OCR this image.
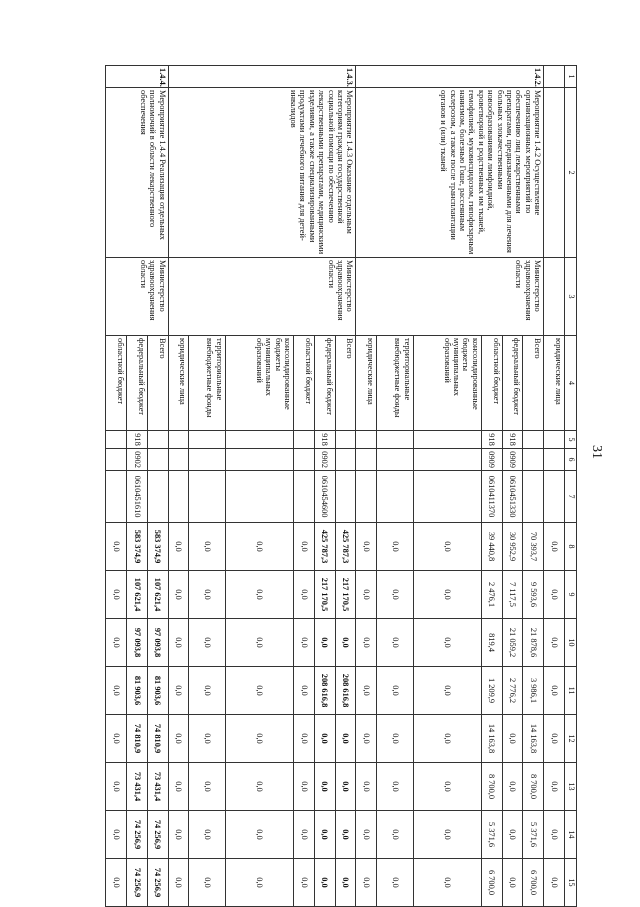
31
1	2	3	4	5	6	7	8	9	10	11	12	13	14	15
			юридические лица				0,0	0,0	0,0	0,0	0,0	0,0	0,0	0,0
1.4.2.	Мероприятие 1.4.2 Осуществление организационных мероприятий по обеспечению лиц лекарственными препаратами, предназначенными для лечения больных злокачественными новообразованиями лимфоидной, кроветворной и родственных им тканей, гемофилией, муковисцидозом, гипофизарным нанизмом, болезнью Гоше, рассеянным склерозом, а также после трансплантации органов и (или) тканей	Министерство здравоохранения области	Всего				70 393,7	9 593,6	21 878,6	3 986,1	14 163,8	8 700,0	5 371,6	6 700,0
			федеральный бюджет	918	0909	0610451330	30 952,9	7 117,5	21 059,2	2 776,2	0,0	0,0	0,0	0,0
			областной бюджет	918	0909	0610411370	39 440,8	2 476,1	819,4	1 209,9	14 163,8	8 700,0	5 371,6	6 700,0
			консолидированные бюджеты муниципальных образований				0,0	0,0	0,0	0,0	0,0	0,0	0,0	0,0
			территориальные внебюджетные фонды				0,0	0,0	0,0	0,0	0,0	0,0	0,0	0,0
			юридические лица				0,0	0,0	0,0	0,0	0,0	0,0	0,0	0,0
1.4.3.	Мероприятие 1.4.3 Оказание отдельным категориям граждан государственной социальной помощи по обеспечению лекарственными препаратами, медицинскими изделиями, а также специализированными продуктами лечебного питания для детей-инвалидов	Министерство здравоохранения области	Всего				425 787,3	217 170,5	0,0	208 616,8	0,0	0,0	0,0	0,0
			федеральный бюджет	918	0902	0610454600	425 787,3	217 170,5	0,0	208 616,8	0,0	0,0	0,0	0,0
			областной бюджет				0,0	0,0	0,0	0,0	0,0	0,0	0,0	0,0
			консолидированные бюджеты муниципальных образований				0,0	0,0	0,0	0,0	0,0	0,0	0,0	0,0
			территориальные внебюджетные фонды				0,0	0,0	0,0	0,0	0,0	0,0	0,0	0,0
			юридические лица				0,0	0,0	0,0	0,0	0,0	0,0	0,0	0,0
1.4.4.	Мероприятие 1.4.4 Реализация отдельных полномочий в области лекарственного обеспечения	Министерство здравоохранения области	Всего				583 374,9	107 621,4	97 093,8	81 903,6	74 810,9	73 431,4	74 256,9	74 256,9
			федеральный бюджет	918	0902	0610451610	583 374,9	107 621,4	97 093,8	81 903,6	74 810,9	73 431,4	74 256,9	74 256,9
			областной бюджет				0,0	0,0	0,0	0,0	0,0	0,0	0,0	0,0
